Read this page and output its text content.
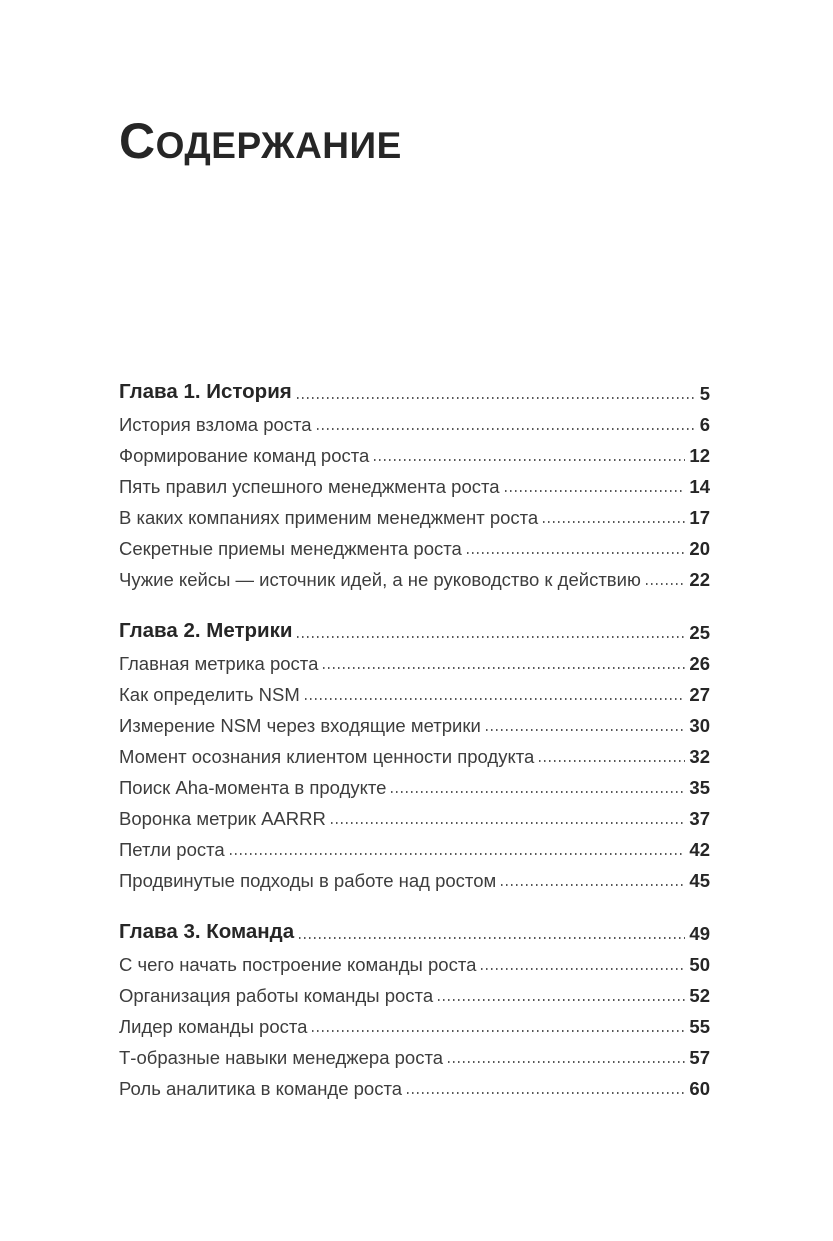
СОДЕРЖАНИЕ
Глава 1. История	5
История взлома роста	6
Формирование команд роста	12
Пять правил успешного менеджмента роста	14
В каких компаниях применим менеджмент роста	17
Секретные приемы менеджмента роста	20
Чужие кейсы — источник идей, а не руководство к действию	22
Глава 2. Метрики	25
Главная метрика роста	26
Как определить NSM	27
Измерение NSM через входящие метрики	30
Момент осознания клиентом ценности продукта	32
Поиск Aha-момента в продукте	35
Воронка метрик AARRR	37
Петли роста	42
Продвинутые подходы в работе над ростом	45
Глава 3. Команда	49
С чего начать построение команды роста	50
Организация работы команды роста	52
Лидер команды роста	55
Т-образные навыки менеджера роста	57
Роль аналитика в команде роста	60
